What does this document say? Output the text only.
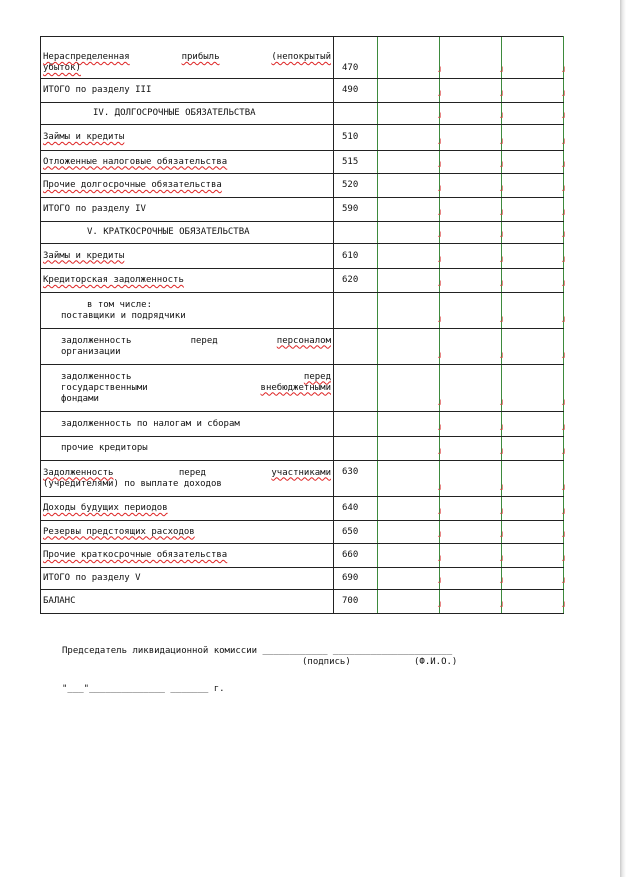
Нераспределенная прибыль (непокрытый
убыток)	470	┘	┘	┘

ИТОГО по разделу III	490	┘	┘	┘

IV. ДОЛГОСРОЧНЫЕ ОБЯЗАТЕЛЬСТВА		┘	┘	┘

Займы и кредиты	510	┘	┘	┘

Отложенные налоговые обязательства	515	┘	┘	┘

Прочие долгосрочные обязательства	520	┘	┘	┘

ИТОГО по разделу IV	590	┘	┘	┘

V. КРАТКОСРОЧНЫЕ ОБЯЗАТЕЛЬСТВА		┘	┘	┘

Займы и кредиты	610	┘	┘	┘

Кредиторская задолженность	620	┘	┘	┘

в том числе:
поставщики и подрядчики		┘	┘	┘

задолженность перед персоналом
организации		┘	┘	┘

задолженность перед
государственными внебюджетными
фондами		┘	┘	┘

задолженность по налогам и сборам		┘	┘	┘

прочие кредиторы		┘	┘	┘

Задолженность перед участниками
(учредителями) по выплате доходов	630	┘	┘	┘

Доходы будущих периодов	640	┘	┘	┘

Резервы предстоящих расходов	650	┘	┘	┘

Прочие краткосрочные обязательства	660	┘	┘	┘

ИТОГО по разделу V	690	┘	┘	┘

БАЛАНС	700	┘	┘	┘
Председатель ликвидационной комиссии ____________ ______________________
(подпись)	(Ф.И.О.)
"___"______________ _______ г.
